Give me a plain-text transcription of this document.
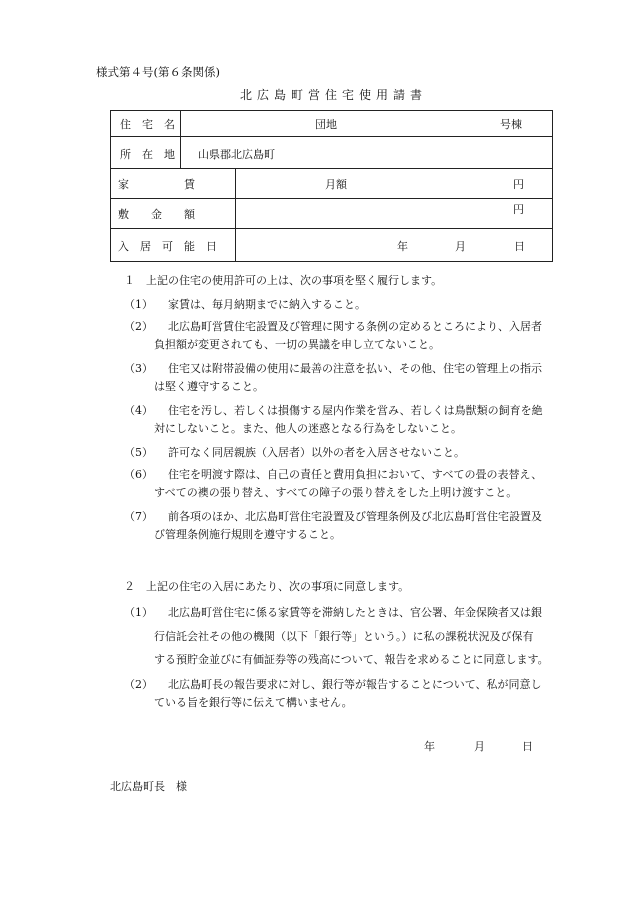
様式第４号(第６条関係)
北広島町営住宅使用請書
住　宅　名	団地	号棟
所　在　地 山県郡北広島町
家　　　　　賃	月額	円
敷　　金　　額	円
入　居　可　能　日	年	月	日
１　上記の住宅の使用許可の上は、次の事項を堅く履行します。
（1） 家賃は、毎月納期までに納入すること。
（2） 北広島町営賃住宅設置及び管理に関する条例の定めるところにより、入居者
負担額が変更されても、一切の異議を申し立てないこと。
（3） 住宅又は附帯設備の使用に最善の注意を払い、その他、住宅の管理上の指示
は堅く遵守すること。
（4） 住宅を汚し、若しくは損傷する屋内作業を営み、若しくは鳥獣類の飼育を絶
対にしないこと。また、他人の迷惑となる行為をしないこと。
（5） 許可なく同居親族（入居者）以外の者を入居させないこと。
（6） 住宅を明渡す際は、自己の責任と費用負担において、すべての畳の表替え、
すべての襖の張り替え、すべての障子の張り替えをした上明け渡すこと。
（7） 前各項のほか、北広島町営住宅設置及び管理条例及び北広島町営住宅設置及
び管理条例施行規則を遵守すること。
２　上記の住宅の入居にあたり、次の事項に同意します。
（1） 北広島町営住宅に係る家賃等を滞納したときは、官公署、年金保険者又は銀
行信託会社その他の機関（以下「銀行等」という。）に私の課税状況及び保有
する預貯金並びに有価証券等の残高について、報告を求めることに同意します。
（2） 北広島町長の報告要求に対し、銀行等が報告することについて、私が同意し
ている旨を銀行等に伝えて構いません。
年	月	日
北広島町長　様
